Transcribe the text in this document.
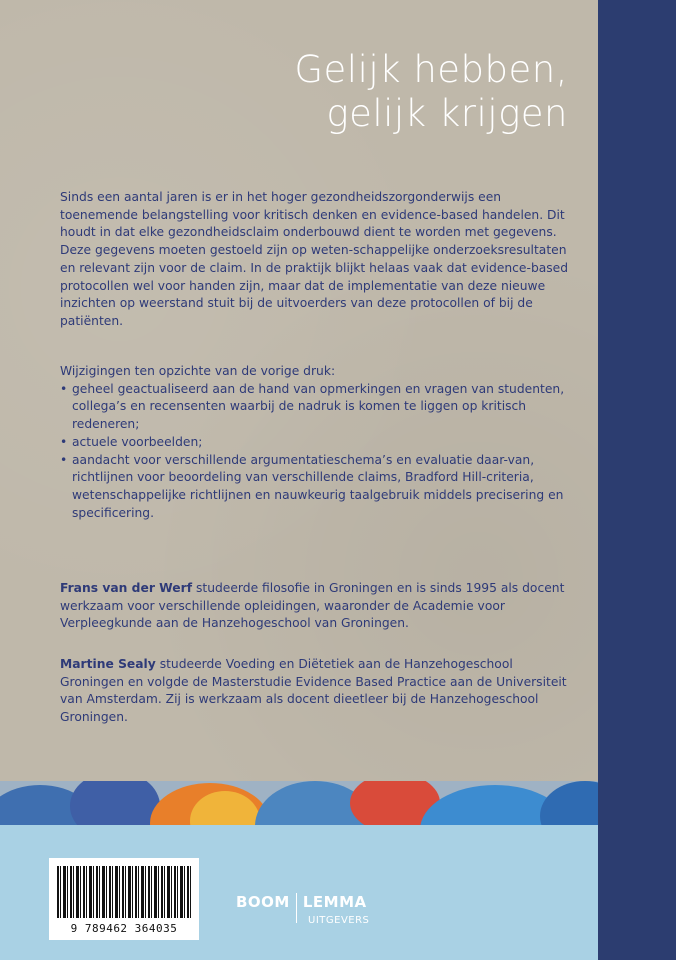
Gelijk hebben,
gelijk krijgen

Sinds een aantal jaren is er in het hoger gezondheidszorgonderwijs een toenemende belangstelling voor kritisch denken en evidence-based handelen. Dit houdt in dat elke gezondheidsclaim onderbouwd dient te worden met gegevens. Deze gegevens moeten gestoeld zijn op weten-schappelijke onderzoeksresultaten en relevant zijn voor de claim. In de praktijk blijkt helaas vaak dat evidence-based protocollen wel voor handen zijn, maar dat de implementatie van deze nieuwe inzichten op weerstand stuit bij de uitvoerders van deze protocollen of bij de patiënten.

Wijzigingen ten opzichte van de vorige druk:
• geheel geactualiseerd aan de hand van opmerkingen en vragen van studenten, collega’s en recensenten waarbij de nadruk is komen te liggen op kritisch redeneren;
• actuele voorbeelden;
• aandacht voor verschillende argumentatieschema’s en evaluatie daar-van, richtlijnen voor beoordeling van verschillende claims, Bradford Hill-criteria, wetenschappelijke richtlijnen en nauwkeurig taalgebruik middels precisering en specificering.

Frans van der Werf studeerde filosofie in Groningen en is sinds 1995 als docent werkzaam voor verschillende opleidingen, waaronder de Academie voor Verpleegkunde aan de Hanzehogeschool van Groningen.

Martine Sealy studeerde Voeding en Diëtetiek aan de Hanzehogeschool Groningen en volgde de Masterstudie Evidence Based Practice aan de Universiteit van Amsterdam. Zij is werkzaam als docent dieetleer bij de Hanzehogeschool Groningen.

9 789462 364035
BOOM LEMMA
UITGEVERS
